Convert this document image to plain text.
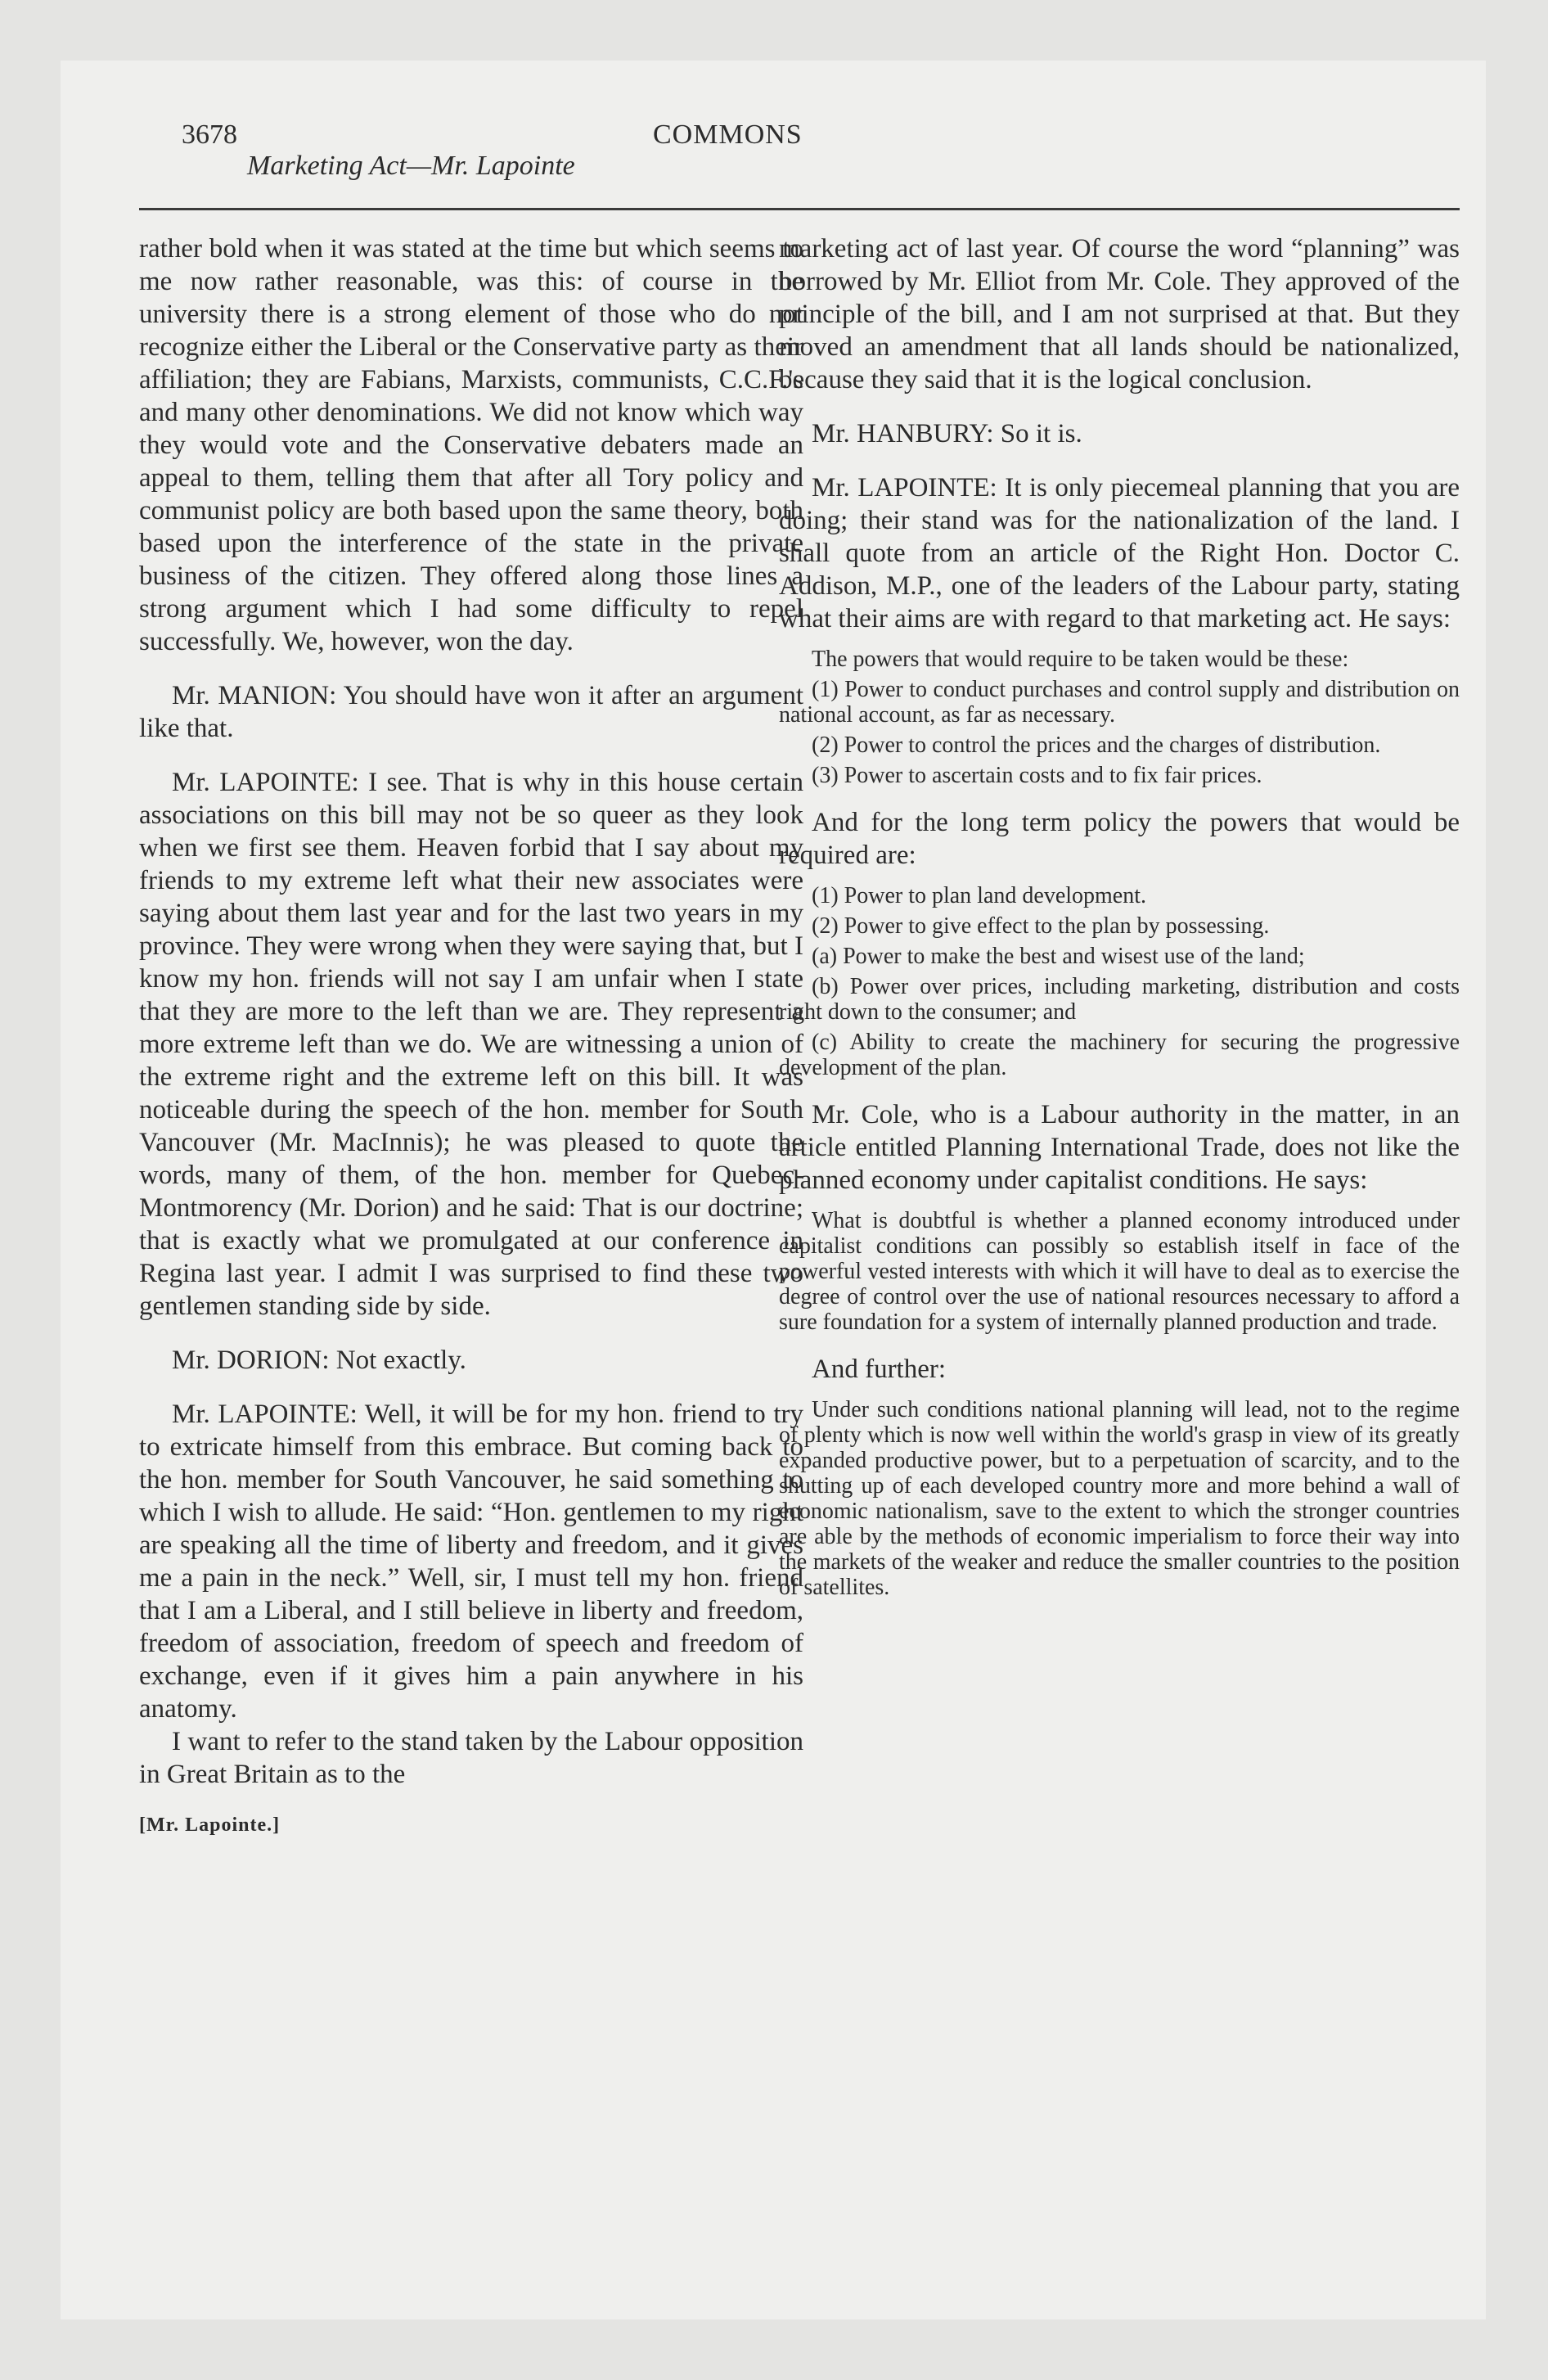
3678	COMMONS
Marketing Act—Mr. Lapointe

rather bold when it was stated at the time but which seems to me now rather reasonable, was this: of course in the university there is a strong element of those who do not recognize either the Liberal or the Conservative party as their affiliation; they are Fabians, Marxists, communists, C.C.F.'s and many other denominations. We did not know which way they would vote and the Conservative debaters made an appeal to them, telling them that after all Tory policy and communist policy are both based upon the same theory, both based upon the interference of the state in the private business of the citizen. They offered along those lines a strong argument which I had some difficulty to repel successfully. We, however, won the day.

Mr. MANION: You should have won it after an argument like that.

Mr. LAPOINTE: I see. That is why in this house certain associations on this bill may not be so queer as they look when we first see them. Heaven forbid that I say about my friends to my extreme left what their new associates were saying about them last year and for the last two years in my province. They were wrong when they were saying that, but I know my hon. friends will not say I am unfair when I state that they are more to the left than we are. They represent a more extreme left than we do. We are witnessing a union of the extreme right and the extreme left on this bill. It was noticeable during the speech of the hon. member for South Vancouver (Mr. MacInnis); he was pleased to quote the words, many of them, of the hon. member for Quebec-Montmorency (Mr. Dorion) and he said: That is our doctrine; that is exactly what we promulgated at our conference in Regina last year. I admit I was surprised to find these two gentlemen standing side by side.

Mr. DORION: Not exactly.

Mr. LAPOINTE: Well, it will be for my hon. friend to try to extricate himself from this embrace. But coming back to the hon. member for South Vancouver, he said something to which I wish to allude. He said: “Hon. gentlemen to my right are speaking all the time of liberty and freedom, and it gives me a pain in the neck.” Well, sir, I must tell my hon. friend that I am a Liberal, and I still believe in liberty and freedom, freedom of association, freedom of speech and freedom of exchange, even if it gives him a pain anywhere in his anatomy.

I want to refer to the stand taken by the Labour opposition in Great Britain as to the

[Mr. Lapointe.]

marketing act of last year. Of course the word “planning” was borrowed by Mr. Elliot from Mr. Cole. They approved of the principle of the bill, and I am not surprised at that. But they moved an amendment that all lands should be nationalized, because they said that it is the logical conclusion.

Mr. HANBURY: So it is.

Mr. LAPOINTE: It is only piecemeal planning that you are doing; their stand was for the nationalization of the land. I shall quote from an article of the Right Hon. Doctor C. Addison, M.P., one of the leaders of the Labour party, stating what their aims are with regard to that marketing act. He says:

The powers that would require to be taken would be these:

(1) Power to conduct purchases and control supply and distribution on national account, as far as necessary.

(2) Power to control the prices and the charges of distribution.

(3) Power to ascertain costs and to fix fair prices.

And for the long term policy the powers that would be required are:

(1) Power to plan land development.

(2) Power to give effect to the plan by possessing.

(a) Power to make the best and wisest use of the land;

(b) Power over prices, including marketing, distribution and costs right down to the consumer; and

(c) Ability to create the machinery for securing the progressive development of the plan.

Mr. Cole, who is a Labour authority in the matter, in an article entitled Planning International Trade, does not like the planned economy under capitalist conditions. He says:

What is doubtful is whether a planned economy introduced under capitalist conditions can possibly so establish itself in face of the powerful vested interests with which it will have to deal as to exercise the degree of control over the use of national resources necessary to afford a sure foundation for a system of internally planned production and trade.

And further:

Under such conditions national planning will lead, not to the regime of plenty which is now well within the world's grasp in view of its greatly expanded productive power, but to a perpetuation of scarcity, and to the shutting up of each developed country more and more behind a wall of economic nationalism, save to the extent to which the stronger countries are able by the methods of economic imperialism to force their way into the markets of the weaker and reduce the smaller countries to the position of satellites.
